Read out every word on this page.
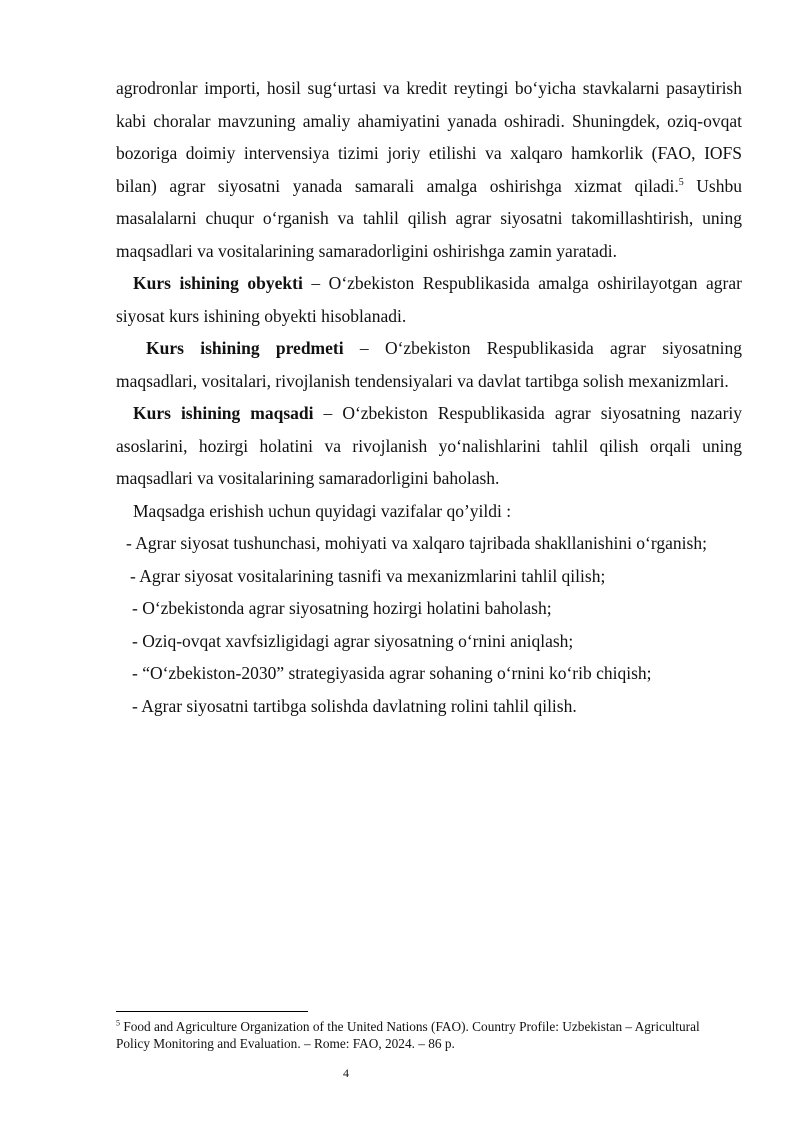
agrodronlar importi, hosil sug‘urtasi va kredit reytingi bo‘yicha stavkalarni pasaytirish kabi choralar mavzuning amaliy ahamiyatini yanada oshiradi. Shuningdek, oziq-ovqat bozoriga doimiy intervensiya tizimi joriy etilishi va xalqaro hamkorlik (FAO, IOFS bilan) agrar siyosatni yanada samarali amalga oshirishga xizmat qiladi.$^5$ Ushbu masalalarni chuqur o‘rganish va tahlil qilish agrar siyosatni takomillashtirish, uning maqsadlari va vositalarining samaradorligini oshirishga zamin yaratadi.

Kurs ishining obyekti – O‘zbekiston Respublikasida amalga oshirilayotgan agrar siyosat kurs ishining obyekti hisoblanadi.

Kurs ishining predmeti – O‘zbekiston Respublikasida agrar siyosatning maqsadlari, vositalari, rivojlanish tendensiyalari va davlat tartibga solish mexanizmlari.

Kurs ishining maqsadi – O‘zbekiston Respublikasida agrar siyosatning nazariy asoslarini, hozirgi holatini va rivojlanish yo‘nalishlarini tahlil qilish orqali uning maqsadlari va vositalarining samaradorligini baholash.

Maqsadga erishish uchun quyidagi vazifalar qo’yildi :

- Agrar siyosat tushunchasi, mohiyati va xalqaro tajribada shakllanishini o‘rganish;

- Agrar siyosat vositalarining tasnifi va mexanizmlarini tahlil qilish;

- O‘zbekistonda agrar siyosatning hozirgi holatini baholash;

- Oziq-ovqat xavfsizligidagi agrar siyosatning o‘rnini aniqlash;

- “O‘zbekiston-2030” strategiyasida agrar sohaning o‘rnini ko‘rib chiqish;

- Agrar siyosatni tartibga solishda davlatning rolini tahlil qilish.

$^5$ Food and Agriculture Organization of the United Nations (FAO). Country Profile: Uzbekistan – Agricultural Policy Monitoring and Evaluation. – Rome: FAO, 2024. – 86 p.
4
